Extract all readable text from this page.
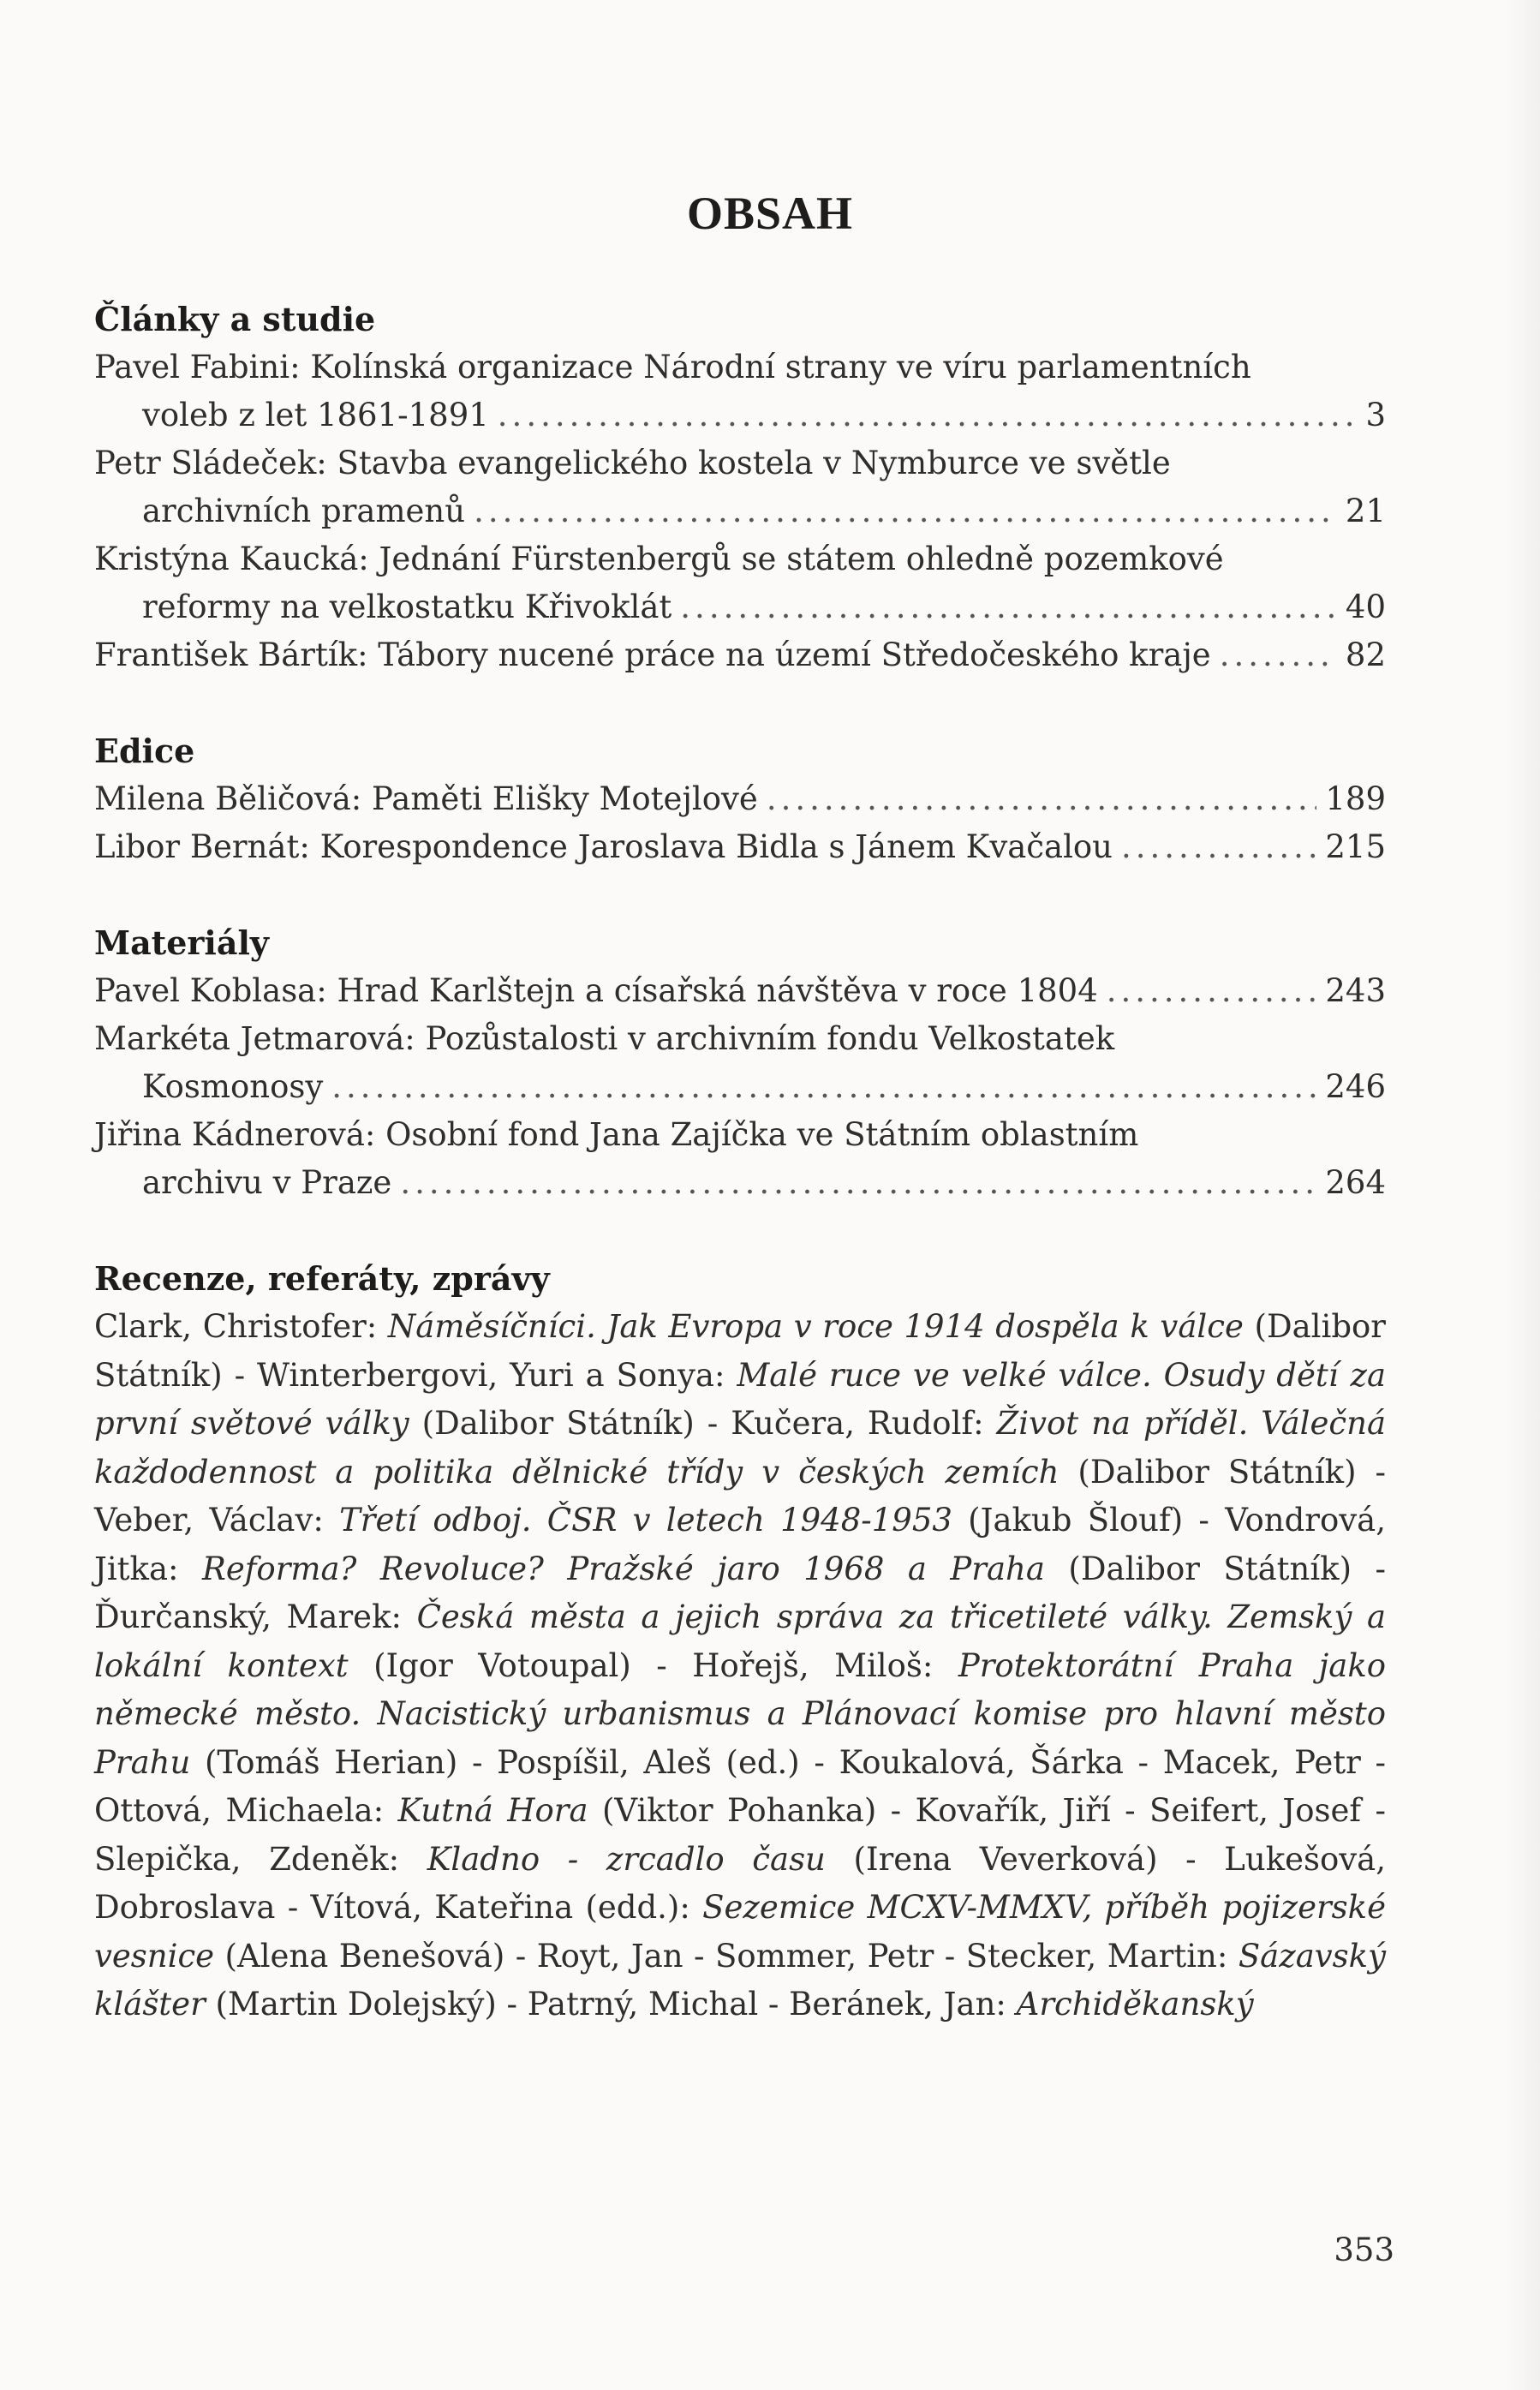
OBSAH
Články a studie
Pavel Fabini: Kolínská organizace Národní strany ve víru parlamentních
voleb z let 1861-1891 .....	3
Petr Sládeček: Stavba evangelického kostela v Nymburce ve světle
archivních pramenů .....	21
Kristýna Kaucká: Jednání Fürstenbergů se státem ohledně pozemkové
reformy na velkostatku Křivoklát .....	40
František Bártík: Tábory nucené práce na území Středočeského kraje .....	82
Edice
Milena Běličová: Paměti Elišky Motejlové .....	189
Libor Bernát: Korespondence Jaroslava Bidla s Jánem Kvačalou .....	215
Materiály
Pavel Koblasa: Hrad Karlštejn a císařská návštěva v roce 1804 .....	243
Markéta Jetmarová: Pozůstalosti v archivním fondu Velkostatek
Kosmonosy .....	246
Jiřina Kádnerová: Osobní fond Jana Zajíčka ve Státním oblastním
archivu v Praze .....	264
Recenze, referáty, zprávy
Clark, Christofer: Náměsíčníci. Jak Evropa v roce 1914 dospěla k válce (Dalibor Státník) - Winterbergovi, Yuri a Sonya: Malé ruce ve velké válce. Osudy dětí za první světové války (Dalibor Státník) - Kučera, Rudolf: Život na příděl. Válečná každodennost a politika dělnické třídy v českých zemích (Dalibor Státník) - Veber, Václav: Třetí odboj. ČSR v letech 1948-1953 (Jakub Šlouf) - Vondrová, Jitka: Reforma? Revoluce? Pražské jaro 1968 a Praha (Dalibor Státník) - Ďurčanský, Marek: Česká města a jejich správa za třicetileté války. Zemský a lokální kontext (Igor Votoupal) - Hořejš, Miloš: Protektorátní Praha jako německé město. Nacistický urbanismus a Plánovací komise pro hlavní město Prahu (Tomáš Herian) - Pospíšil, Aleš (ed.) - Koukalová, Šárka - Macek, Petr - Ottová, Michaela: Kutná Hora (Viktor Pohanka) - Kovařík, Jiří - Seifert, Josef - Slepička, Zdeněk: Kladno - zrcadlo času (Irena Veverková) - Lukešová, Dobroslava - Vítová, Kateřina (edd.): Sezemice MCXV-MMXV, příběh pojizerské vesnice (Alena Benešová) - Royt, Jan - Sommer, Petr - Stecker, Martin: Sázavský klášter (Martin Dolejský) - Patrný, Michal - Beránek, Jan: Archiděkanský
353
